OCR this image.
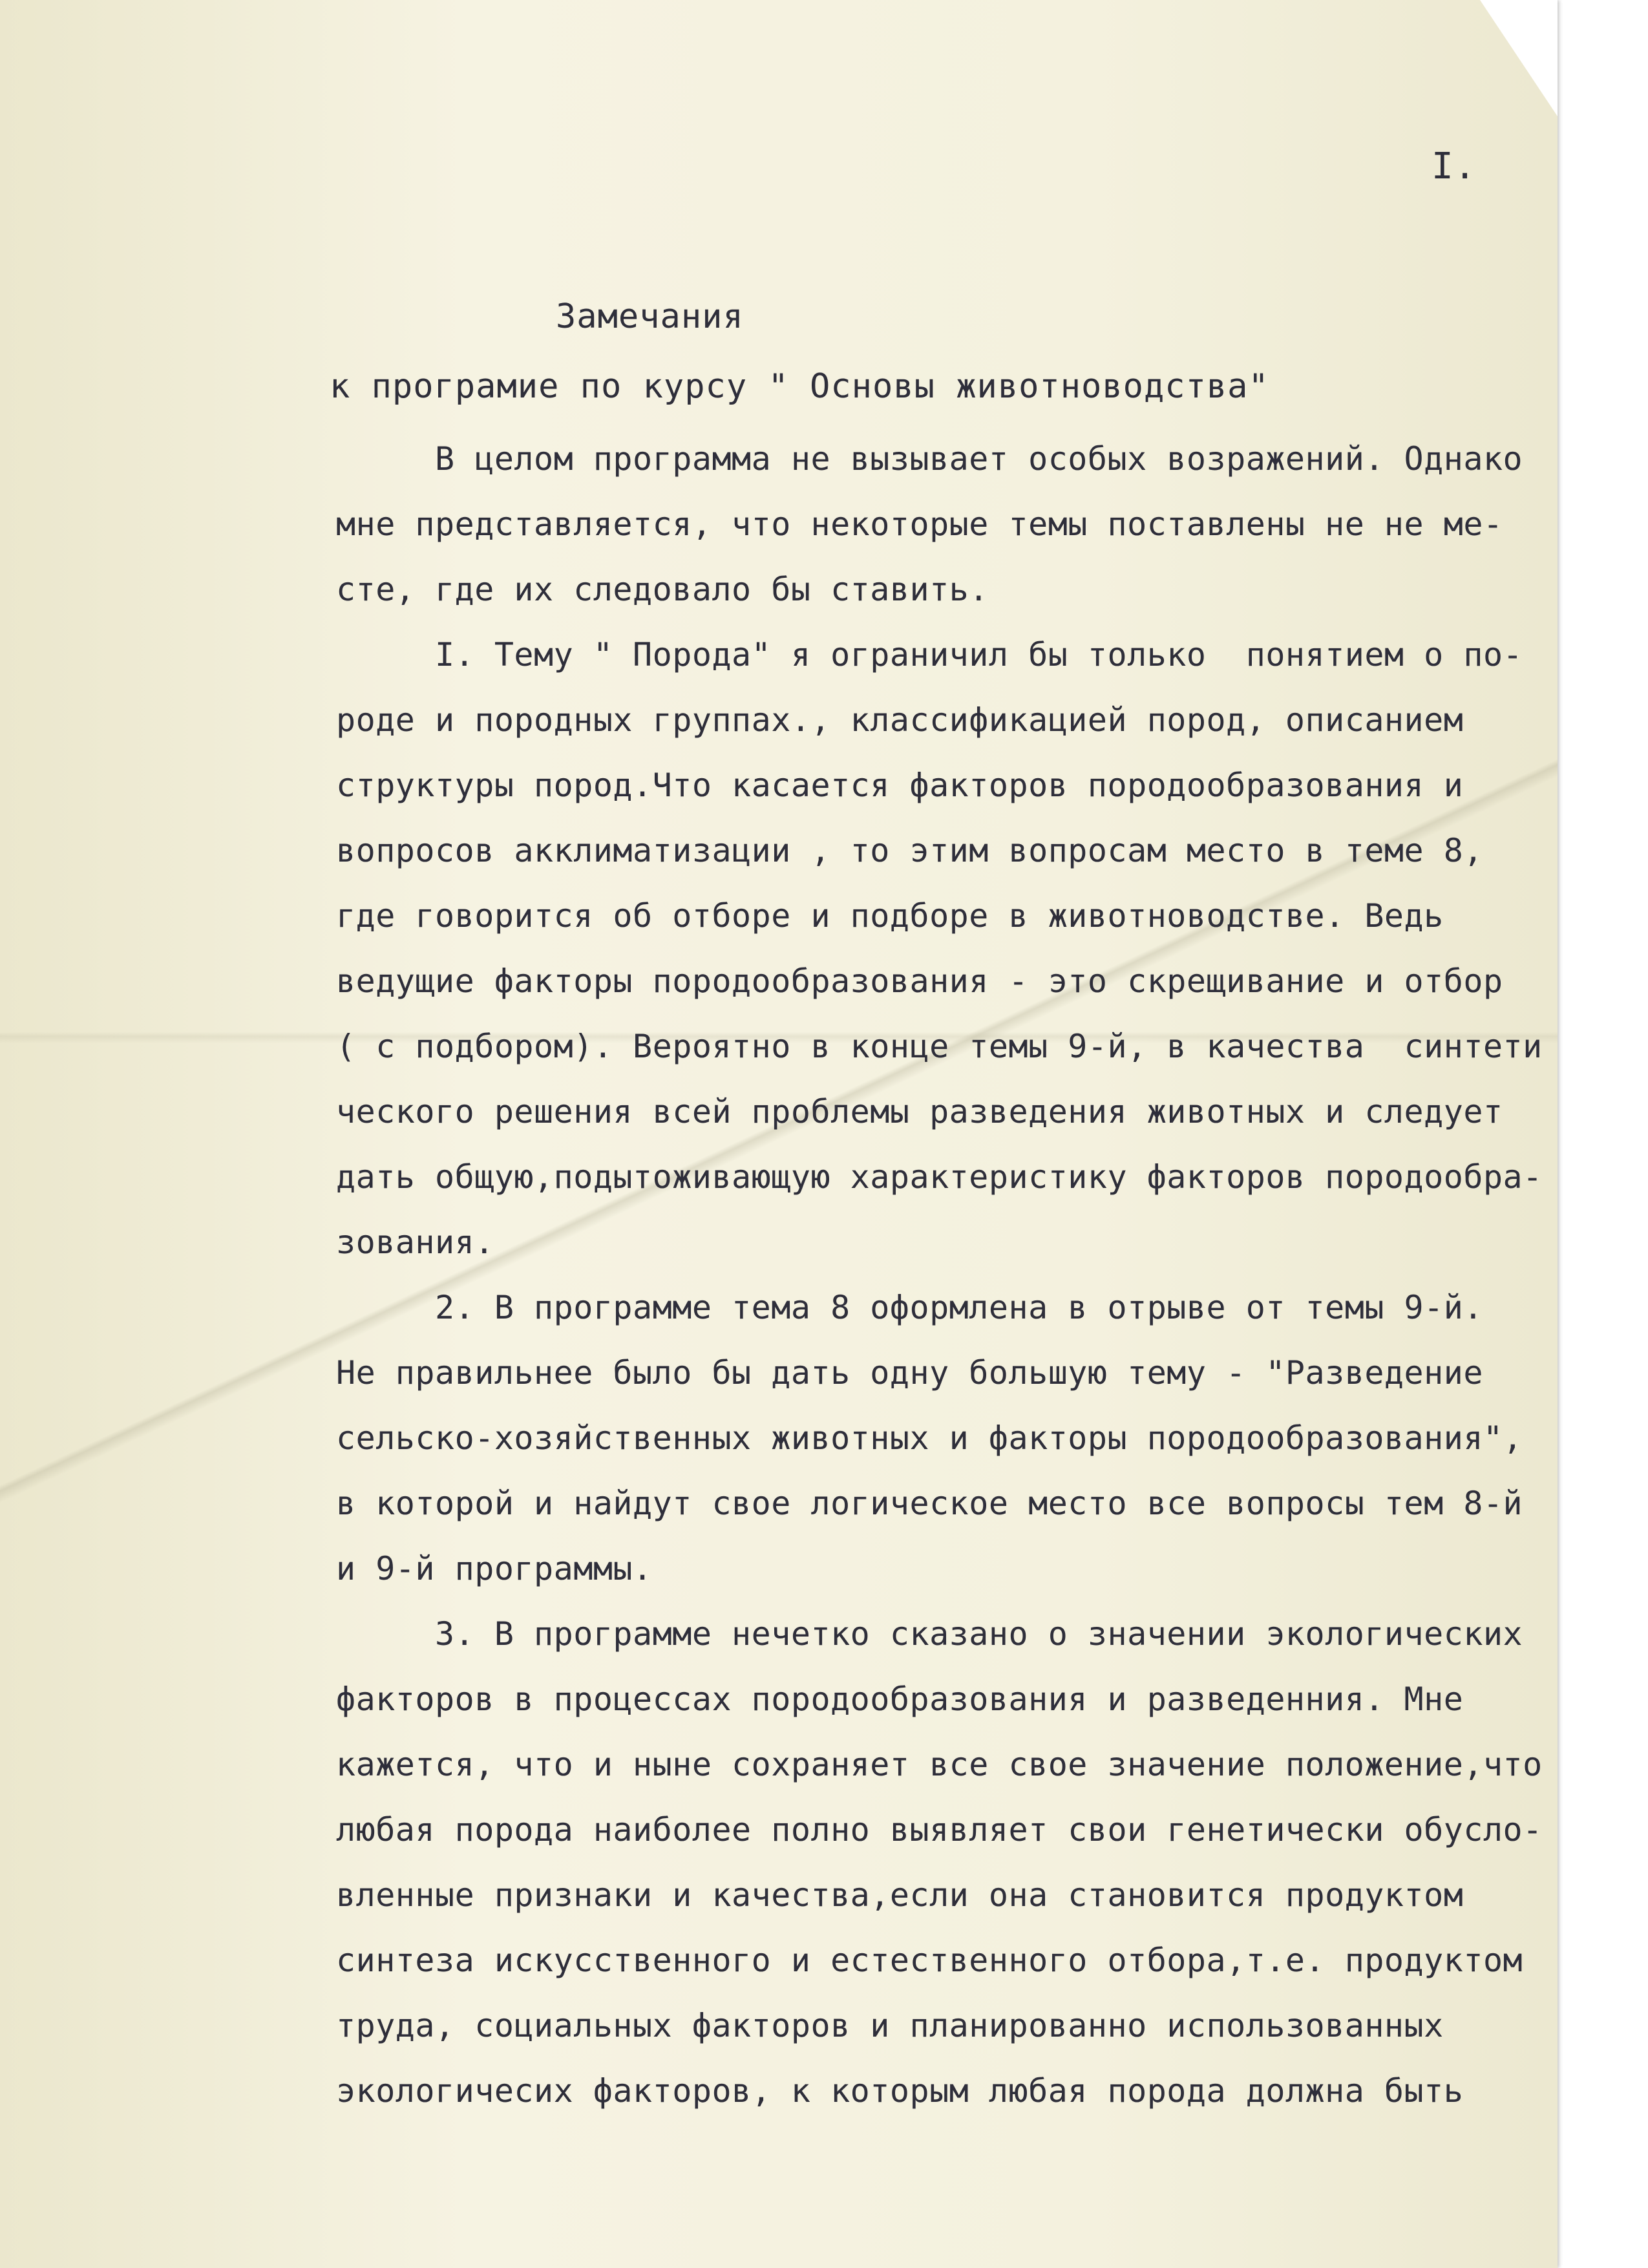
I.
Замечания
к програмие по курсу " Основы животноводства"
В целом программа не вызывает особых возражений. Однако
мне представляется, что некоторые темы поставлены не не ме-
сте, где их следовало бы ставить.
I. Тему " Порода" я ограничил бы только  понятием о по-
роде и породных группах., классификацией пород, описанием
структуры пород.Что касается факторов породообразования и
вопросов акклиматизации , то этим вопросам место в теме 8,
где говорится об отборе и подборе в животноводстве. Ведь
ведущие факторы породообразования - это скрещивание и отбор
( с подбором). Вероятно в конце темы 9-й, в качества  синтети
ческого решения всей проблемы разведения животных и следует
дать общую,подытоживающую характеристику факторов породообра-
зования.
2. В программе тема 8 оформлена в отрыве от темы 9-й.
Не правильнее было бы дать одну большую тему - "Разведение
сельско-хозяйственных животных и факторы породообразования",
в которой и найдут свое логическое место все вопросы тем 8-й
и 9-й программы.
3. В программе нечетко сказано о значении экологических
факторов в процессах породообразования и разведенния. Мне
кажется, что и ныне сохраняет все свое значение положение,что
любая порода наиболее полно выявляет свои генетически обусло-
вленные признаки и качества,если она становится продуктом
синтеза искусственного и естественного отбора,т.е. продуктом
труда, социальных факторов и планированно использованных
экологичесих факторов, к которым любая порода должна быть
